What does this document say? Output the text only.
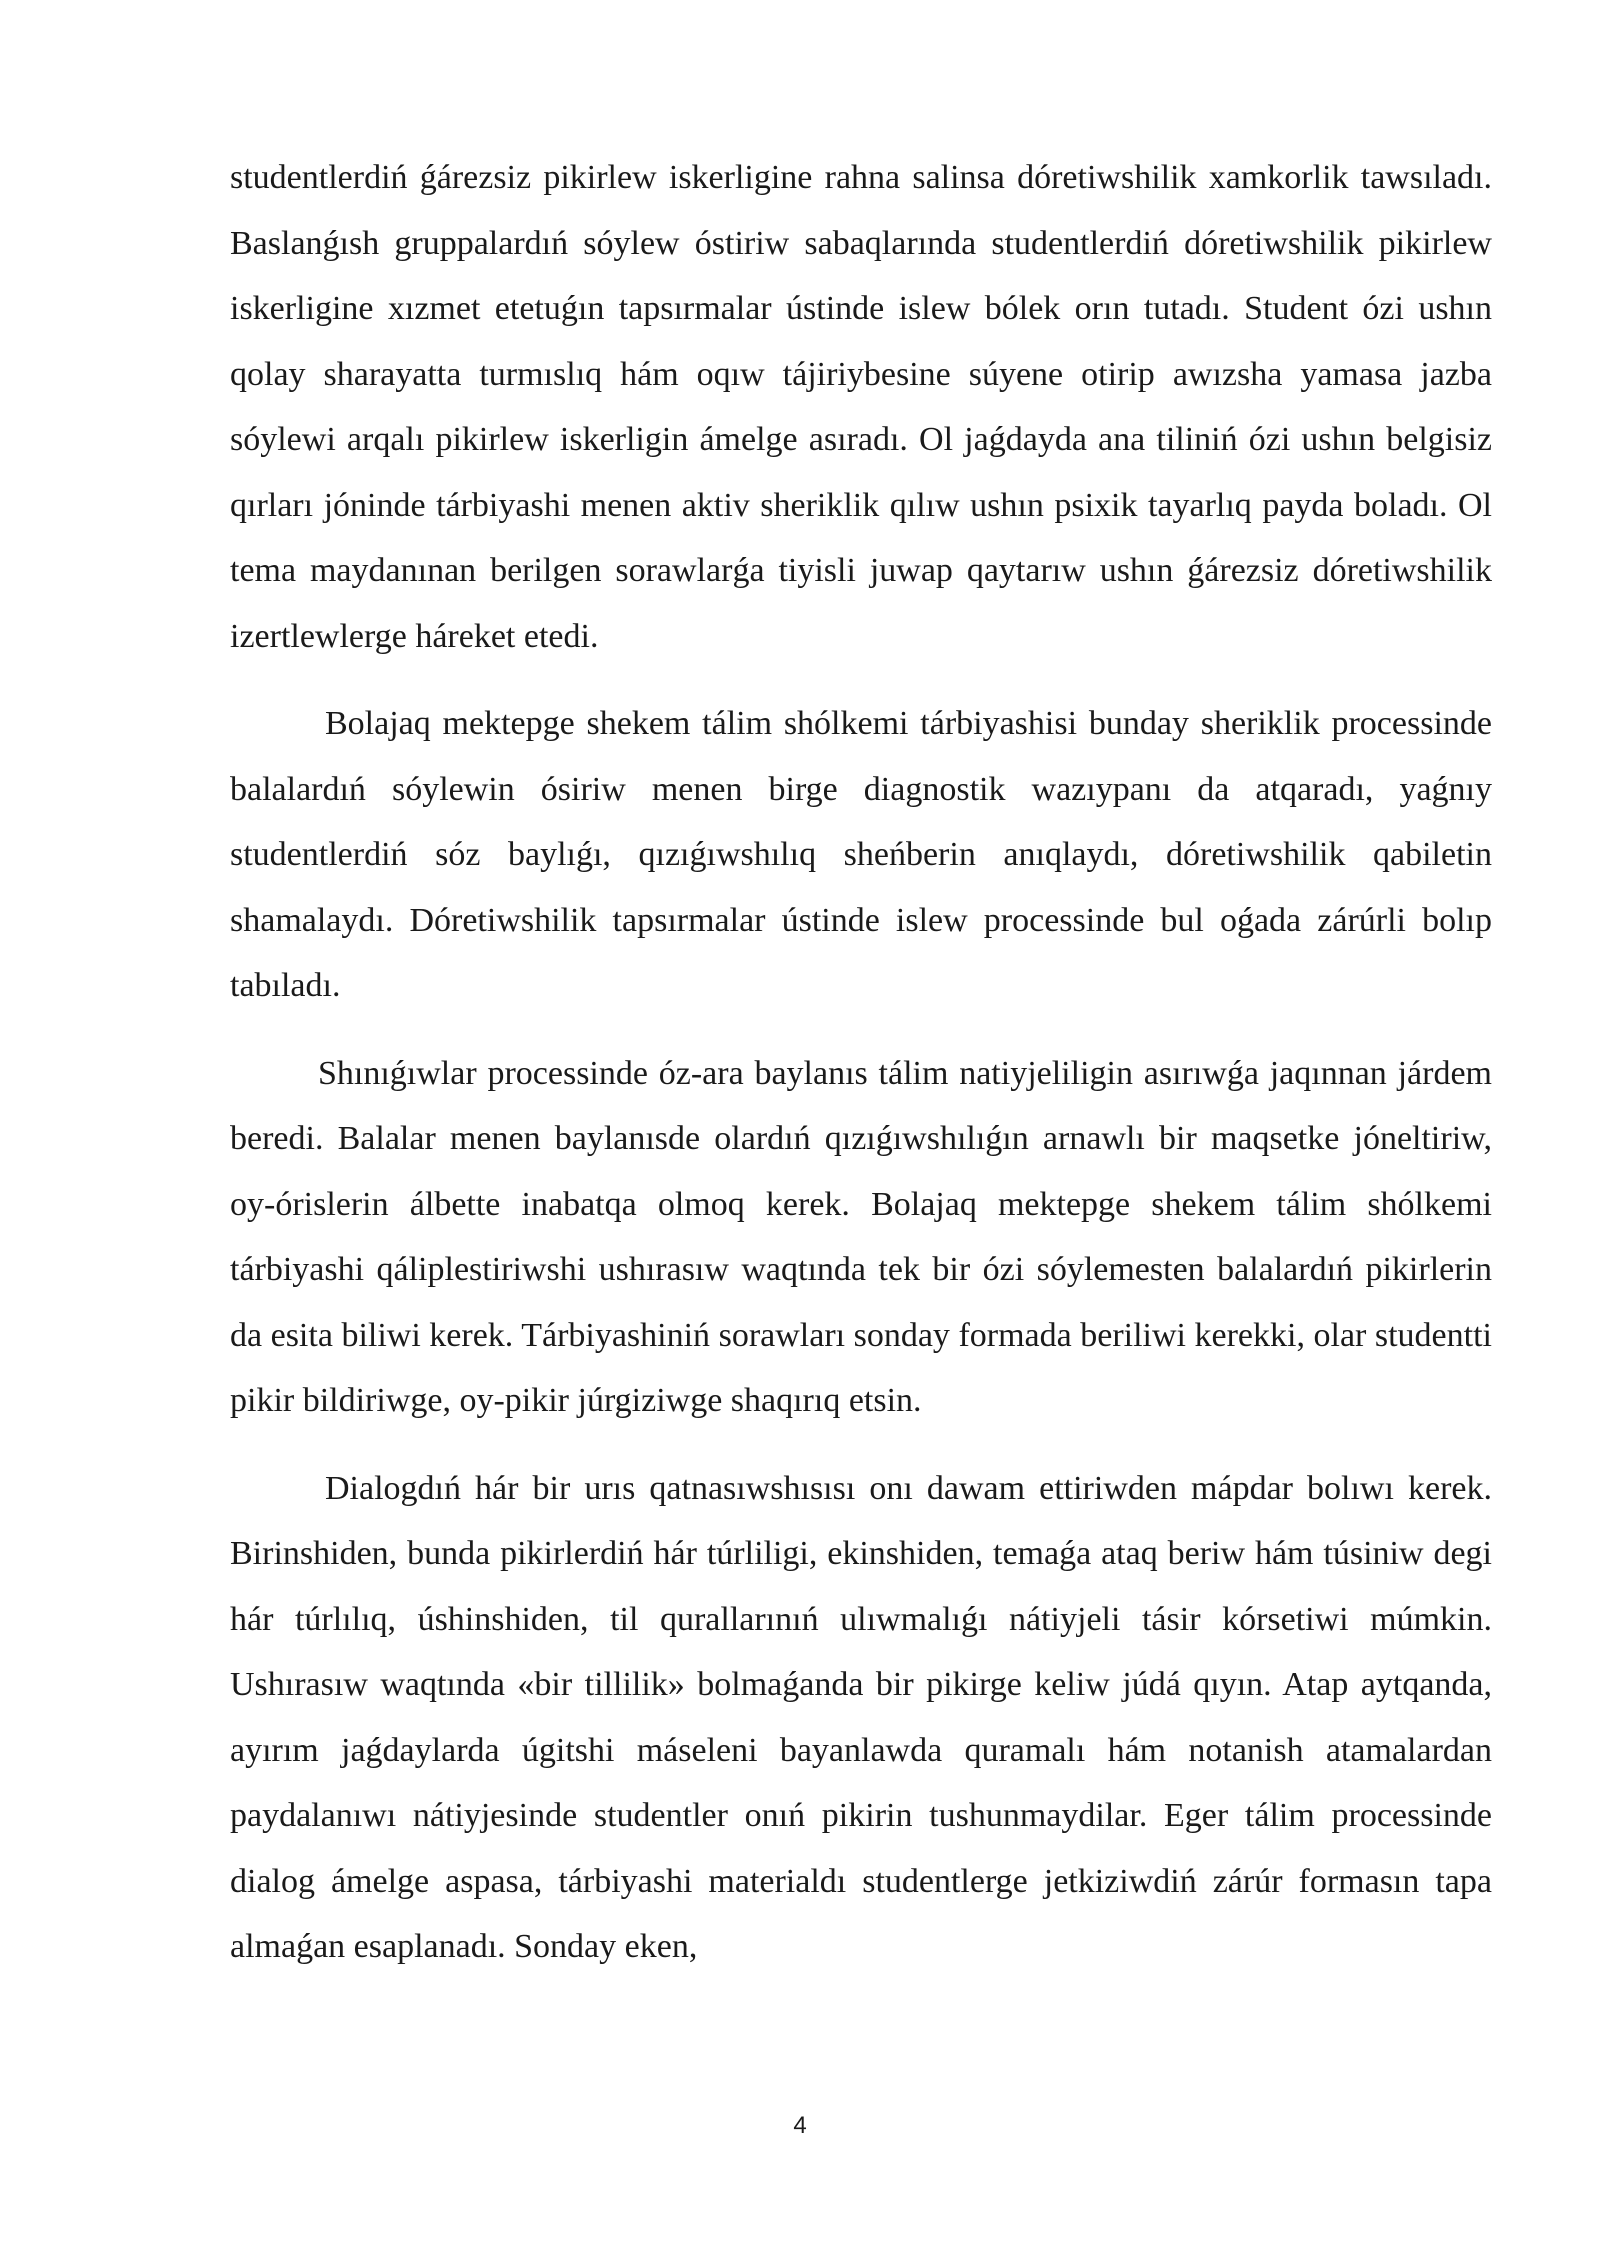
studentlerdiń ǵárezsiz pikirlew iskerligine rahna salinsa dóretiwshilik xamkorlik tawsıladı. Baslanǵısh gruppalardıń sóylew óstiriw sabaqlarında studentlerdiń dóretiwshilik pikirlew iskerligine xızmet etetuǵın tapsırmalar ústinde islew bólek orın tutadı. Student ózi ushın qolay sharayatta turmıslıq hám oqıw tájiriybesine súyene otirip awızsha yamasa jazba sóylewi arqalı pikirlew iskerligin ámelge asıradı. Ol jaǵdayda ana tiliniń ózi ushın belgisiz qırları jóninde tárbiyashi menen aktiv sheriklik qılıw ushın psixik tayarlıq payda boladı. Ol tema maydanınan berilgen sorawlarǵa tiyisli juwap qaytarıw ushın ǵárezsiz dóretiwshilik izertlewlerge háreket etedi.

Bolajaq mektepge shekem tálim shólkemi tárbiyashisi bunday sheriklik processinde balalardıń sóylewin ósiriw menen birge diagnostik wazıypanı da atqaradı, yaǵnıy studentlerdiń sóz baylıǵı, qızıǵıwshılıq sheńberin anıqlaydı, dóretiwshilik qabiletin shamalaydı. Dóretiwshilik tapsırmalar ústinde islew processinde bul oǵada zárúrli bolıp tabıladı.

Shınıǵıwlar processinde óz-ara baylanıs tálim natiyjeliligin asırıwǵa jaqınnan járdem beredi. Balalar menen baylanısde olardıń qızıǵıwshılıǵın arnawlı bir maqsetke jóneltiriw, oy-órislerin álbette inabatqa olmoq kerek. Bolajaq mektepge shekem tálim shólkemi tárbiyashi qáliplestiriwshi ushırasıw waqtında tek bir ózi sóylemesten balalardıń pikirlerin da esita biliwi kerek. Tárbiyashiniń sorawları sonday formada beriliwi kerekki, olar studentti pikir bildiriwge, oy-pikir júrgiziwge shaqırıq etsin.

Dialogdıń hár bir urıs qatnasıwshısısı onı dawam ettiriwden mápdar bolıwı kerek. Birinshiden, bunda pikirlerdiń hár túrliligi, ekinshiden, temaǵa ataq beriw hám túsiniw degi hár túrlılıq, úshinshiden, til qurallarınıń ulıwmalıǵı nátiyjeli tásir kórsetiwi múmkin. Ushırasıw waqtında «bir tillilik» bolmaǵanda bir pikirge keliw júdá qıyın. Atap aytqanda, ayırım jaǵdaylarda úgitshi máseleni bayanlawda quramalı hám notanish atamalardan paydalanıwı nátiyjesinde studentler onıń pikirin tushunmaydilar. Eger tálim processinde dialog ámelge aspasa, tárbiyashi materialdı studentlerge jetkiziwdiń zárúr formasın tapa almaǵan esaplanadı. Sonday eken,

4
